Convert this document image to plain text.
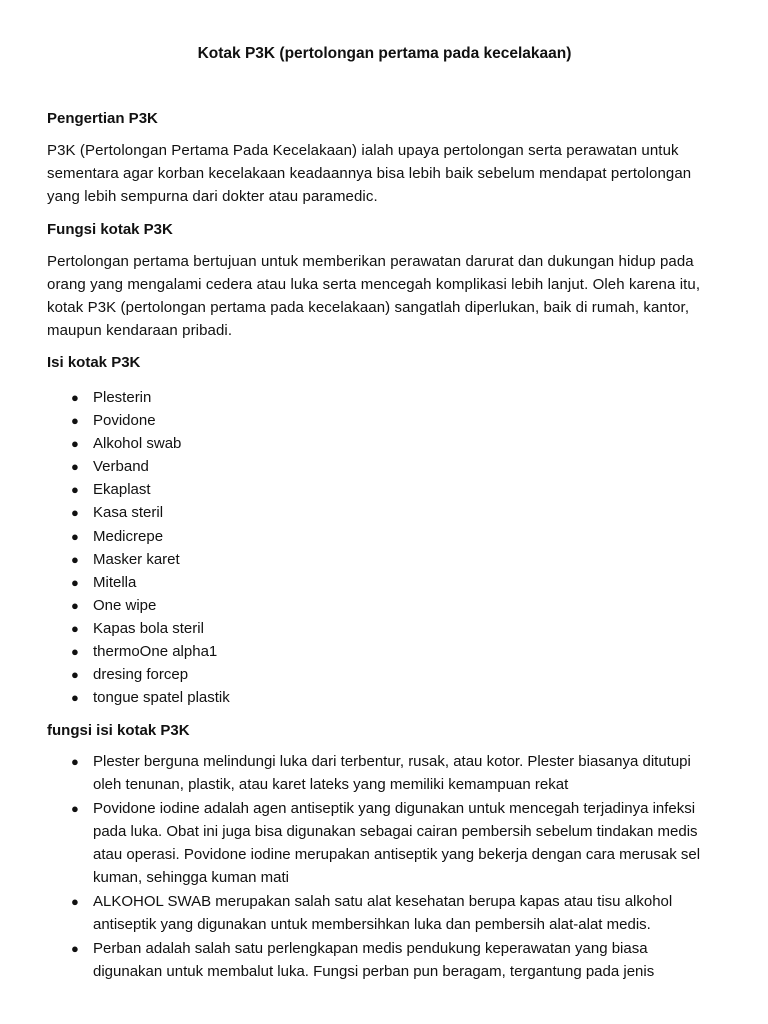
Kotak P3K (pertolongan pertama pada kecelakaan)
Pengertian P3K
P3K (Pertolongan Pertama Pada Kecelakaan) ialah upaya pertolongan serta perawatan untuk sementara agar korban kecelakaan keadaannya bisa lebih baik sebelum mendapat pertolongan yang lebih sempurna dari dokter atau paramedic.
Fungsi kotak P3K
Pertolongan pertama bertujuan untuk memberikan perawatan darurat dan dukungan hidup pada orang yang mengalami cedera atau luka serta mencegah komplikasi lebih lanjut. Oleh karena itu, kotak P3K (pertolongan pertama pada kecelakaan) sangatlah diperlukan, baik di rumah, kantor, maupun kendaraan pribadi.
Isi kotak P3K
● Plesterin
● Povidone
● Alkohol swab
● Verband
● Ekaplast
● Kasa steril
● Medicrepe
● Masker karet
● Mitella
● One wipe
● Kapas bola steril
● thermoOne alpha1
● dresing forcep
● tongue spatel plastik
fungsi isi kotak P3K
● Plester berguna melindungi luka dari terbentur, rusak, atau kotor. Plester biasanya ditutupi oleh tenunan, plastik, atau karet lateks yang memiliki kemampuan rekat
● Povidone iodine adalah agen antiseptik yang digunakan untuk mencegah terjadinya infeksi pada luka. Obat ini juga bisa digunakan sebagai cairan pembersih sebelum tindakan medis atau operasi. Povidone iodine merupakan antiseptik yang bekerja dengan cara merusak sel kuman, sehingga kuman mati
● ALKOHOL SWAB merupakan salah satu alat kesehatan berupa kapas atau tisu alkohol antiseptik yang digunakan untuk membersihkan luka dan pembersih alat-alat medis.
● Perban adalah salah satu perlengkapan medis pendukung keperawatan yang biasa digunakan untuk membalut luka. Fungsi perban pun beragam, tergantung pada jenis
